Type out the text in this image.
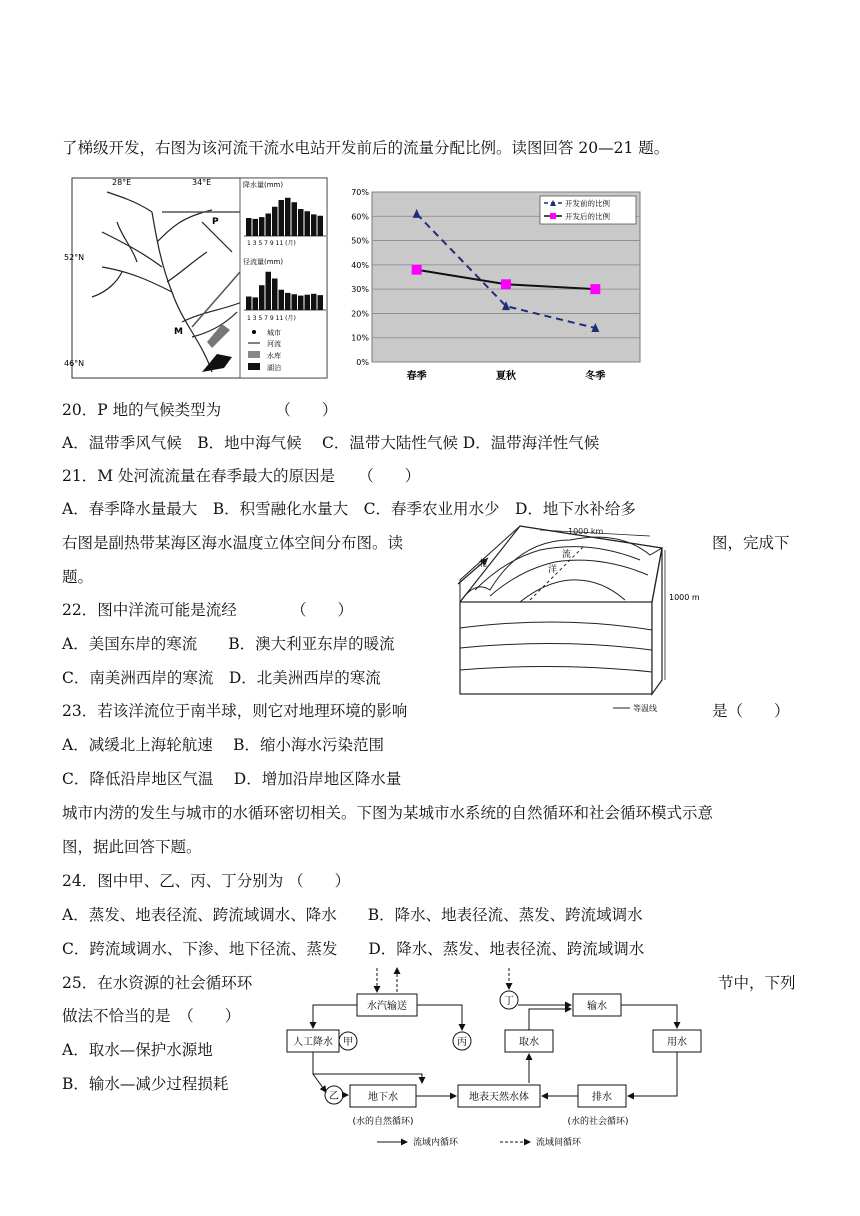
了梯级开发，右图为该河流干流水电站开发前后的流量分配比例。读图回答 20—21 题。
28°E	34°E
52°N
46°N
P
M
降水量(mm)
1 3 5 7 9 11 (月)
径流量(mm)
1 3 5 7 9 11 (月)
城市
河流
水库
湖泊
0%
10%
20%
30%
40%
50%
60%
70%
春季	夏秋	冬季
开发前的比例
开发后的比例
20．P 地的气候类型为　　　　（　　）
A．温带季风气候　B．地中海气候　 C．温带大陆性气候 D．温带海洋性气候
21．M 处河流流量在春季最大的原因是　　（　　）
A．春季降水量最大　B．积雪融化水量大　C．春季农业用水少　D．地下水补给多
右图是副热带某海区海水温度立体空间分布图。读	图，完成下
题。
流
洋
1000 km
1000 m
北
等温线
22．图中洋流可能是流经　　　　（　　）
A．美国东岸的寒流　　B．澳大利亚东岸的暖流
C．南美洲西岸的寒流　D．北美洲西岸的寒流
23．若该洋流位于南半球，则它对地理环境的影响	是（　　）
A．减缓北上海轮航速　 B．缩小海水污染范围
C．降低沿岸地区气温　 D．增加沿岸地区降水量
城市内涝的发生与城市的水循环密切相关。下图为某城市水系统的自然循环和社会循环模式示意
图，据此回答下题。
24．图中甲、乙、丙、丁分别为 （　　）
A．蒸发、地表径流、跨流域调水、降水　　B．降水、地表径流、蒸发、跨流域调水
C．跨流域调水、下渗、地下径流、蒸发　　D．降水、蒸发、地表径流、跨流域调水
25．在水资源的社会循环环	节中，下列
做法不恰当的是　（　　）
A．取水—保护水源地
B．输水—减少过程损耗
水汽输送
人工降水
地下水	地表天然水体
取水
输水
用水
排水
甲
乙
丙
丁
(水的自然循环)	(水的社会循环)
流域内循环	流域间循环
